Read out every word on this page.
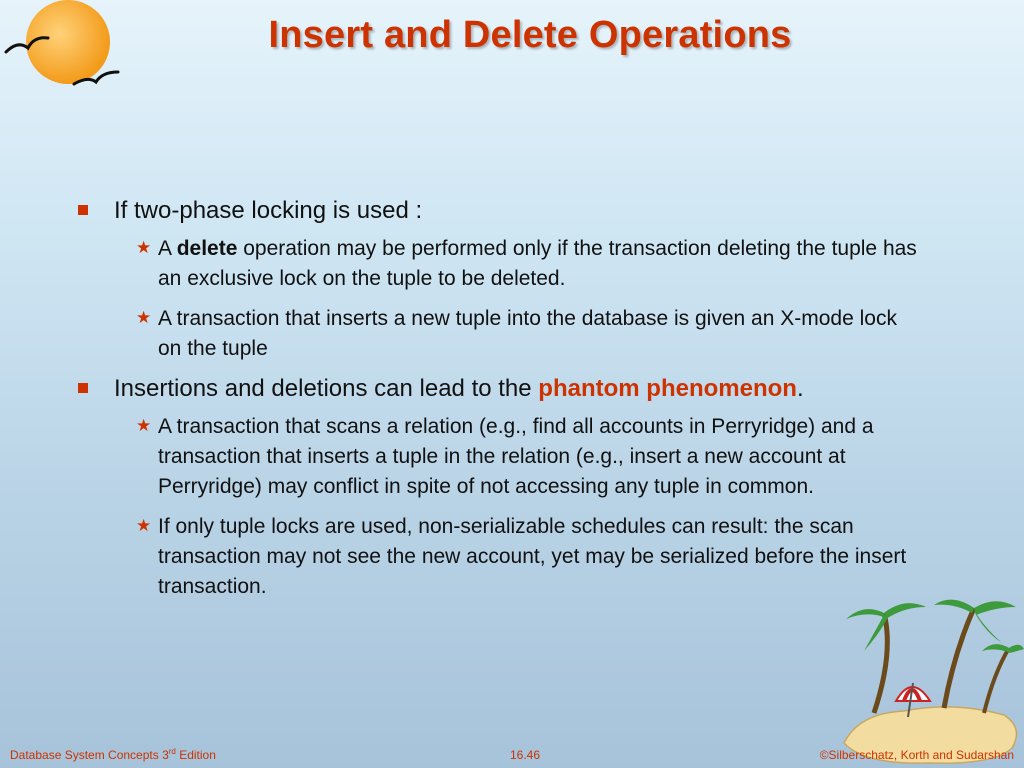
Insert and Delete Operations
If two-phase locking is used :
★ A delete operation may be performed only if the transaction deleting the tuple has an exclusive lock on the tuple to be deleted.
★ A transaction that inserts a new tuple into the database is given an X-mode lock on the tuple
Insertions and deletions can lead to the phantom phenomenon.
★ A transaction that scans a relation (e.g., find all accounts in Perryridge) and a transaction that inserts a tuple in the relation (e.g., insert a new account at Perryridge) may conflict in spite of not accessing any tuple in common.
★ If only tuple locks are used, non-serializable schedules can result: the scan transaction may not see the new account, yet may be serialized before the insert transaction.
Database System Concepts 3rd Edition	16.46	©Silberschatz, Korth and Sudarshan
